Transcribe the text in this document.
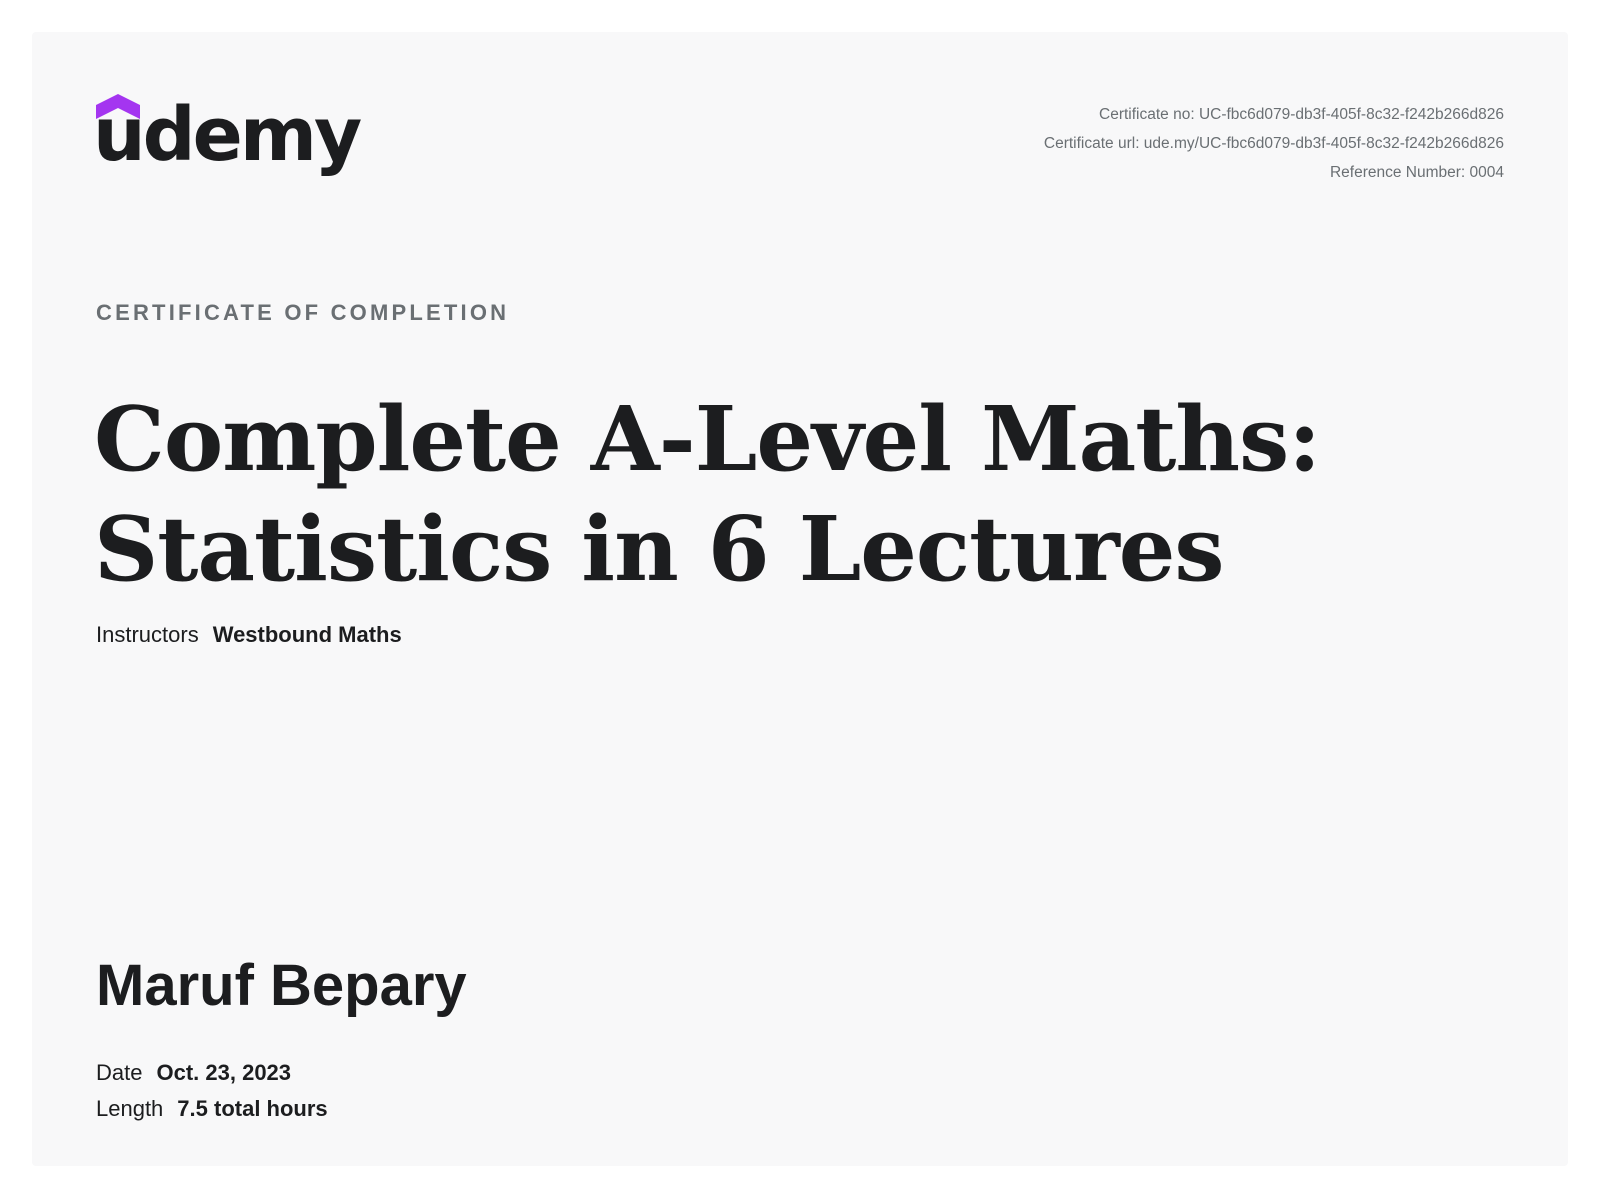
udemy	Certificate no: UC-fbc6d079-db3f-405f-8c32-f242b266d826
Certificate url: ude.my/UC-fbc6d079-db3f-405f-8c32-f242b266d826
Reference Number: 0004
CERTIFICATE OF COMPLETION
Complete A-Level Maths:
Statistics in 6 Lectures
Instructors Westbound Maths
Maruf Bepary
Date Oct. 23, 2023
Length 7.5 total hours
